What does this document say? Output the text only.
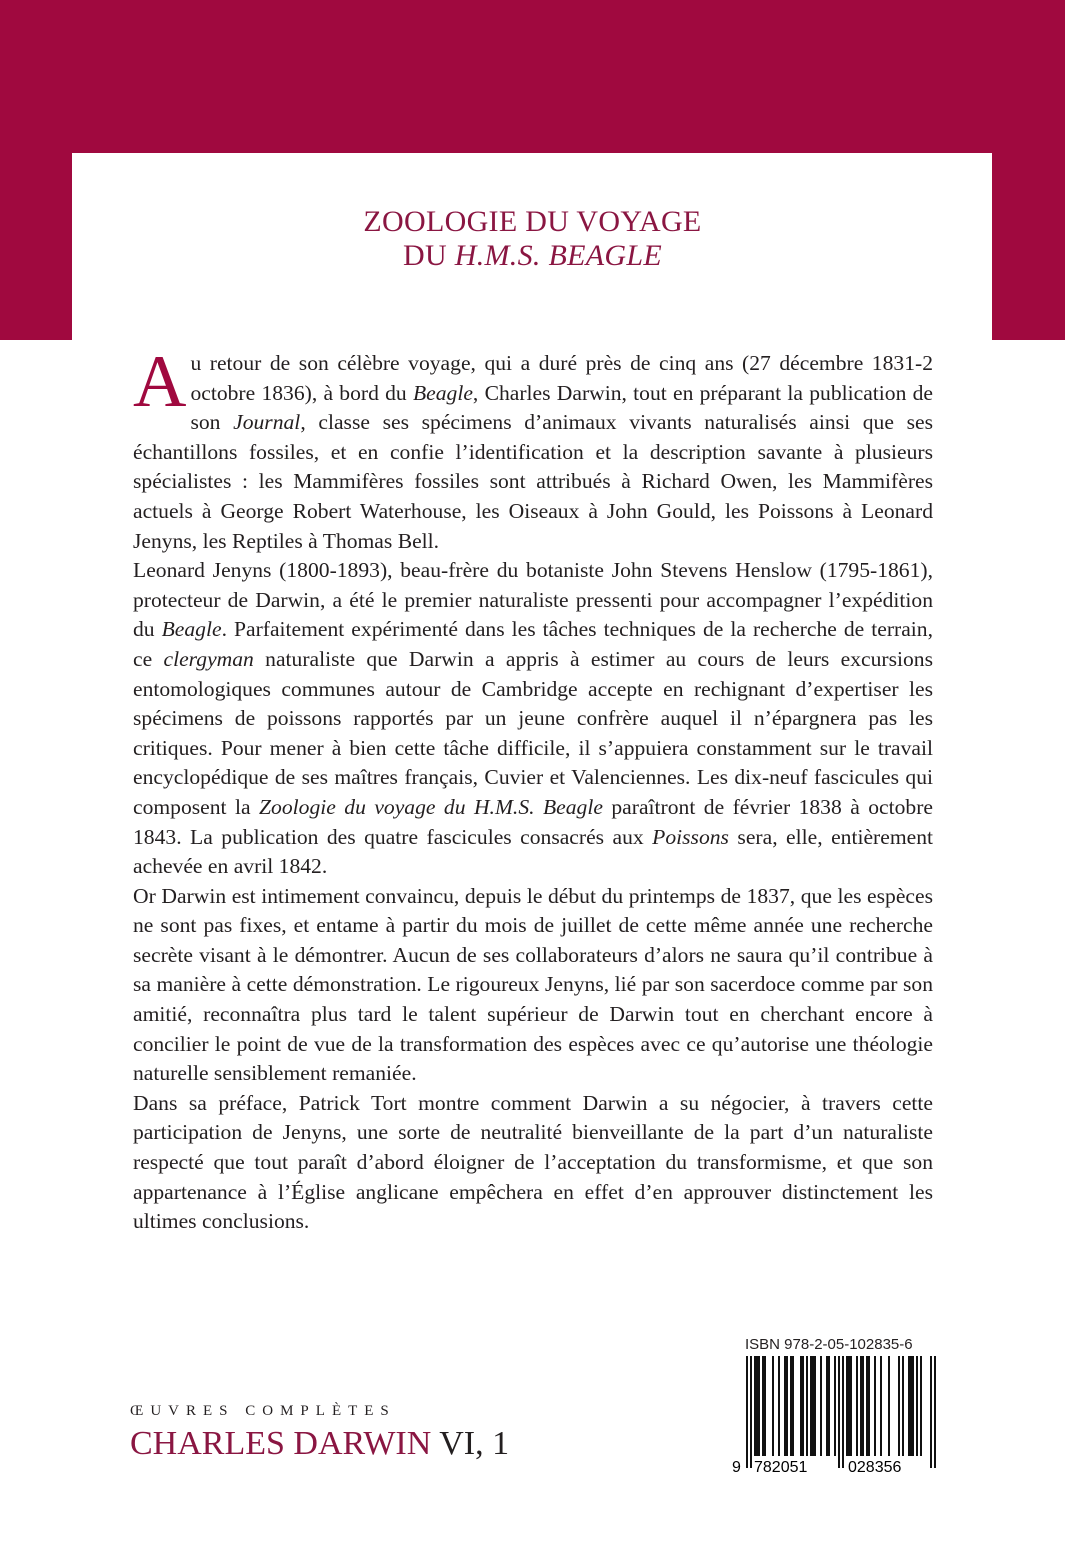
ZOOLOGIE DU VOYAGE
DU H.M.S. BEAGLE

Au retour de son célèbre voyage, qui a duré près de cinq ans (27 décembre 1831-2 octobre 1836), à bord du Beagle, Charles Darwin, tout en préparant la publication de son Journal, classe ses spécimens d’animaux vivants naturalisés ainsi que ses échantillons fossiles, et en confie l’identification et la description savante à plusieurs spécialistes : les Mammifères fossiles sont attribués à Richard Owen, les Mammifères actuels à George Robert Waterhouse, les Oiseaux à John Gould, les Poissons à Leonard Jenyns, les Reptiles à Thomas Bell.

Leonard Jenyns (1800-1893), beau-frère du botaniste John Stevens Henslow (1795-1861), protecteur de Darwin, a été le premier naturaliste pressenti pour accompagner l’expédition du Beagle. Parfaitement expérimenté dans les tâches techniques de la recherche de terrain, ce clergyman naturaliste que Darwin a appris à estimer au cours de leurs excursions entomologiques communes autour de Cambridge accepte en rechignant d’expertiser les spécimens de poissons rapportés par un jeune confrère auquel il n’épargnera pas les critiques. Pour mener à bien cette tâche difficile, il s’appuiera constamment sur le travail encyclopédique de ses maîtres français, Cuvier et Valenciennes. Les dix-neuf fascicules qui composent la Zoologie du voyage du H.M.S. Beagle paraîtront de février 1838 à octobre 1843. La publication des quatre fascicules consacrés aux Poissons sera, elle, entièrement achevée en avril 1842.

Or Darwin est intimement convaincu, depuis le début du printemps de 1837, que les espèces ne sont pas fixes, et entame à partir du mois de juillet de cette même année une recherche secrète visant à le démontrer. Aucun de ses collaborateurs d’alors ne saura qu’il contribue à sa manière à cette démonstration. Le rigoureux Jenyns, lié par son sacerdoce comme par son amitié, reconnaîtra plus tard le talent supérieur de Darwin tout en cherchant encore à concilier le point de vue de la transformation des espèces avec ce qu’autorise une théologie naturelle sensiblement remaniée.

Dans sa préface, Patrick Tort montre comment Darwin a su négocier, à travers cette participation de Jenyns, une sorte de neutralité bienveillante de la part d’un naturaliste respecté que tout paraît d’abord éloigner de l’acceptation du transformisme, et que son appartenance à l’Église anglicane empêchera en effet d’en approuver distinctement les ultimes conclusions.

ISBN 978-2-05-102835-6
9 782051	028356
ŒUVRES COMPLÈTES
CHARLES DARWIN VI, 1
